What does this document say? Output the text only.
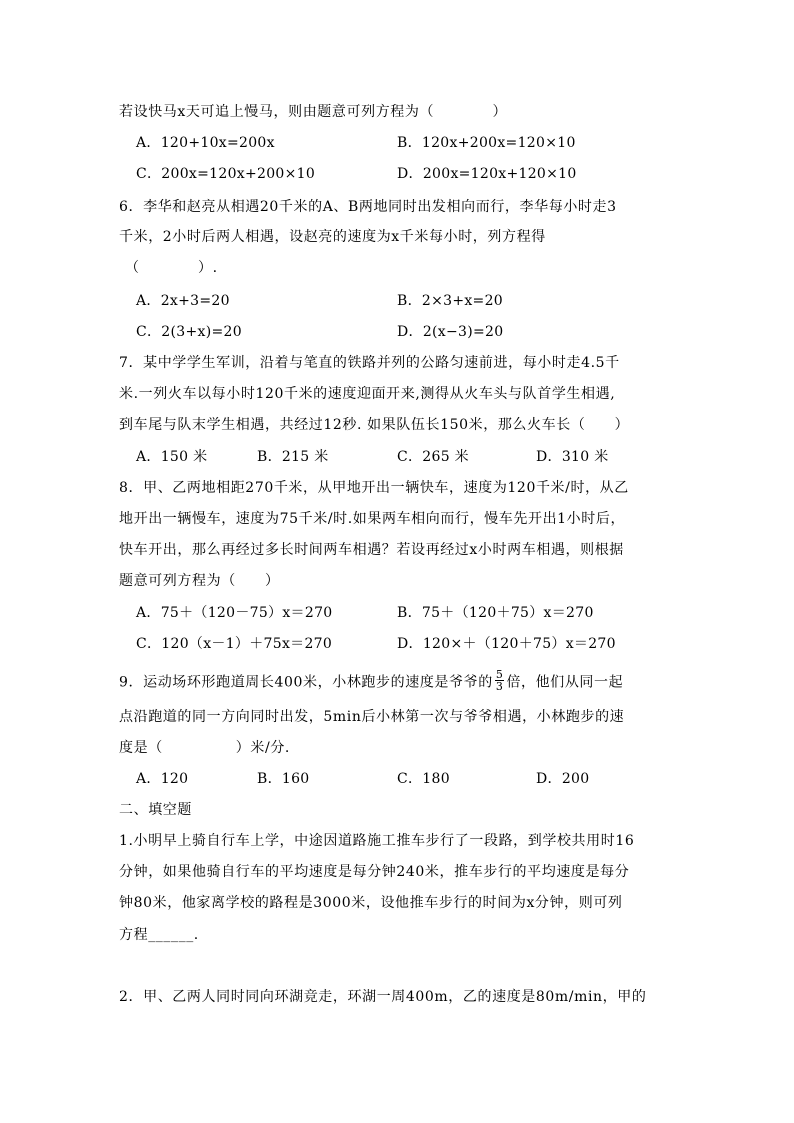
若设快马x天可追上慢马，则由题意可列方程为（　　　　）
A．120+10x=200x	B．120x+200x=120×10
C．200x=120x+200×10	D．200x=120x+120×10
6．李华和赵亮从相遇20千米的A、B两地同时出发相向而行，李华每小时走3
千米，2小时后两人相遇，设赵亮的速度为x千米每小时，列方程得
（　　　　）.
A．2x+3=20	B．2×3+x=20
C．2(3+x)=20	D．2(x−3)=20
7．某中学学生军训，沿着与笔直的铁路并列的公路匀速前进，每小时走4.5千
米.一列火车以每小时120千米的速度迎面开来,测得从火车头与队首学生相遇,
到车尾与队末学生相遇，共经过12秒. 如果队伍长150米，那么火车长（　　）
A．150 米	B．215 米	C．265 米	D．310 米
8．甲、乙两地相距270千米，从甲地开出一辆快车，速度为120千米/时，从乙
地开出一辆慢车，速度为75千米/时.如果两车相向而行，慢车先开出1小时后，
快车开出，那么再经过多长时间两车相遇？若设再经过x小时两车相遇，则根据
题意可列方程为（　　）
A．75＋（120－75）x＝270	B．75＋（120＋75）x＝270
C．120（x－1）＋75x＝270	D．120×＋（120＋75）x＝270
9．运动场环形跑道周长400米，小林跑步的速度是爷爷的 $\frac{5}{3}$ 倍，他们从同一起
点沿跑道的同一方向同时出发，5min后小林第一次与爷爷相遇，小林跑步的速
度是（　　　　　）米/分.
A．120	B．160	C．180	D．200
二、填空题
1.小明早上骑自行车上学，中途因道路施工推车步行了一段路，到学校共用时16
分钟，如果他骑自行车的平均速度是每分钟240米，推车步行的平均速度是每分
钟80米，他家离学校的路程是3000米，设他推车步行的时间为x分钟，则可列
方程______.
2．甲、乙两人同时同向环湖竞走，环湖一周400m，乙的速度是80m/min，甲的
